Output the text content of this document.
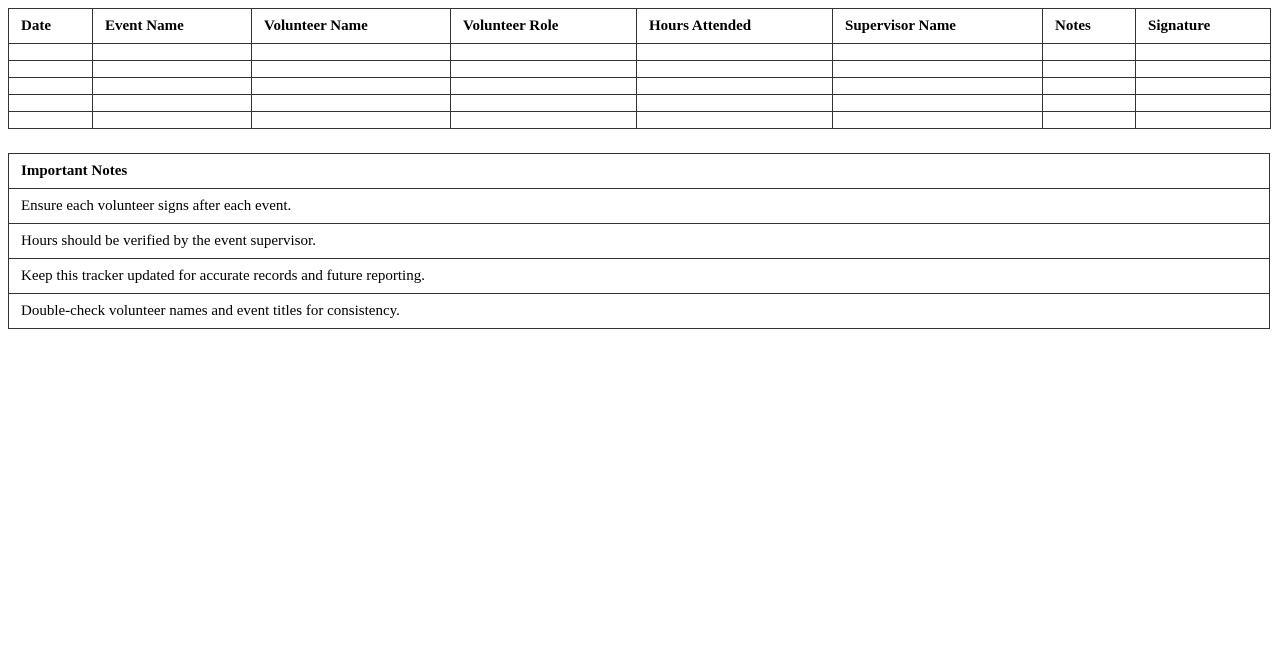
Date	Event Name	Volunteer Name	Volunteer Role	Hours Attended	Supervisor Name	Notes	Signature

Important Notes
Ensure each volunteer signs after each event.
Hours should be verified by the event supervisor.
Keep this tracker updated for accurate records and future reporting.
Double-check volunteer names and event titles for consistency.
